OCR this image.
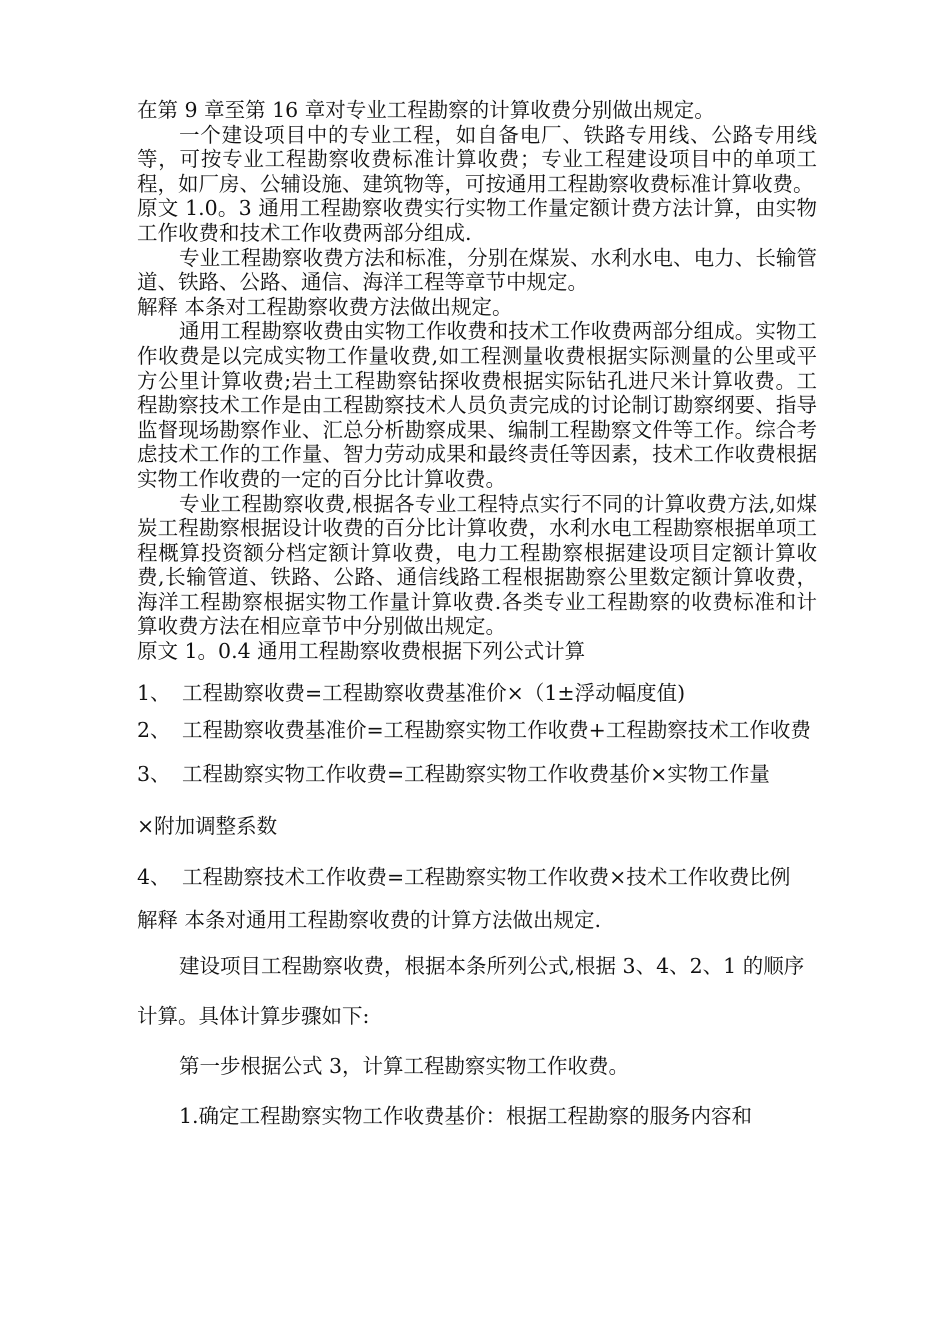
在第 9 章至第 16 章对专业工程勘察的计算收费分别做出规定。

一个建设项目中的专业工程，如自备电厂、铁路专用线、公路专用线等，可按专业工程勘察收费标准计算收费；专业工程建设项目中的单项工程，如厂房、公辅设施、建筑物等，可按通用工程勘察收费标准计算收费。

原文 1.0。3 通用工程勘察收费实行实物工作量定额计费方法计算，由实物工作收费和技术工作收费两部分组成.

专业工程勘察收费方法和标准，分别在煤炭、水利水电、电力、长输管道、铁路、公路、通信、海洋工程等章节中规定。

解释 本条对工程勘察收费方法做出规定。

通用工程勘察收费由实物工作收费和技术工作收费两部分组成。实物工作收费是以完成实物工作量收费,如工程测量收费根据实际测量的公里或平方公里计算收费;岩土工程勘察钻探收费根据实际钻孔进尺米计算收费。工程勘察技术工作是由工程勘察技术人员负责完成的讨论制订勘察纲要、指导监督现场勘察作业、汇总分析勘察成果、编制工程勘察文件等工作。综合考虑技术工作的工作量、智力劳动成果和最终责任等因素，技术工作收费根据实物工作收费的一定的百分比计算收费。

专业工程勘察收费,根据各专业工程特点实行不同的计算收费方法,如煤炭工程勘察根据设计收费的百分比计算收费，水利水电工程勘察根据单项工程概算投资额分档定额计算收费，电力工程勘察根据建设项目定额计算收费,长输管道、铁路、公路、通信线路工程根据勘察公里数定额计算收费，海洋工程勘察根据实物工作量计算收费.各类专业工程勘察的收费标准和计算收费方法在相应章节中分别做出规定。

原文 1。0.4 通用工程勘察收费根据下列公式计算

1、 工程勘察收费=工程勘察收费基准价×（1±浮动幅度值)

2、 工程勘察收费基准价=工程勘察实物工作收费+工程勘察技术工作收费

3、 工程勘察实物工作收费=工程勘察实物工作收费基价×实物工作量

×附加调整系数

4、 工程勘察技术工作收费=工程勘察实物工作收费×技术工作收费比例

解释 本条对通用工程勘察收费的计算方法做出规定.

建设项目工程勘察收费，根据本条所列公式,根据 3、4、2、1 的顺序计算。具体计算步骤如下:

第一步根据公式 3，计算工程勘察实物工作收费。

1.确定工程勘察实物工作收费基价：根据工程勘察的服务内容和
